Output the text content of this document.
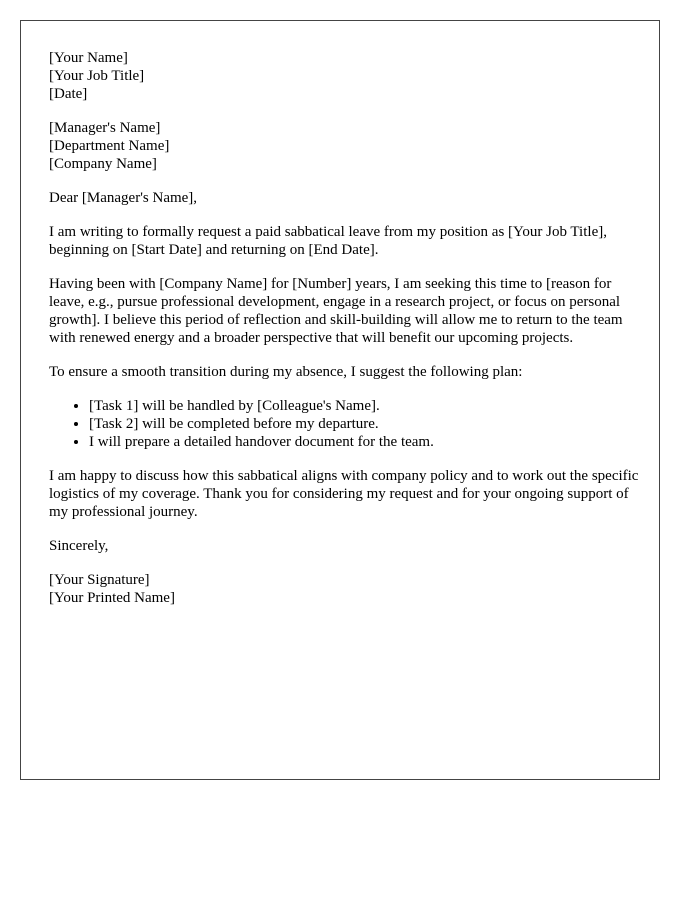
[Your Name]
[Your Job Title]
[Date]
[Manager's Name]
[Department Name]
[Company Name]

Dear [Manager's Name],

I am writing to formally request a paid sabbatical leave from my position as [Your Job Title], beginning on [Start Date] and returning on [End Date].

Having been with [Company Name] for [Number] years, I am seeking this time to [reason for leave, e.g., pursue professional development, engage in a research project, or focus on personal growth]. I believe this period of reflection and skill-building will allow me to return to the team with renewed energy and a broader perspective that will benefit our upcoming projects.

To ensure a smooth transition during my absence, I suggest the following plan:

• [Task 1] will be handled by [Colleague's Name].
• [Task 2] will be completed before my departure.
• I will prepare a detailed handover document for the team.

I am happy to discuss how this sabbatical aligns with company policy and to work out the specific logistics of my coverage. Thank you for considering my request and for your ongoing support of my professional journey.

Sincerely,

[Your Signature]
[Your Printed Name]
